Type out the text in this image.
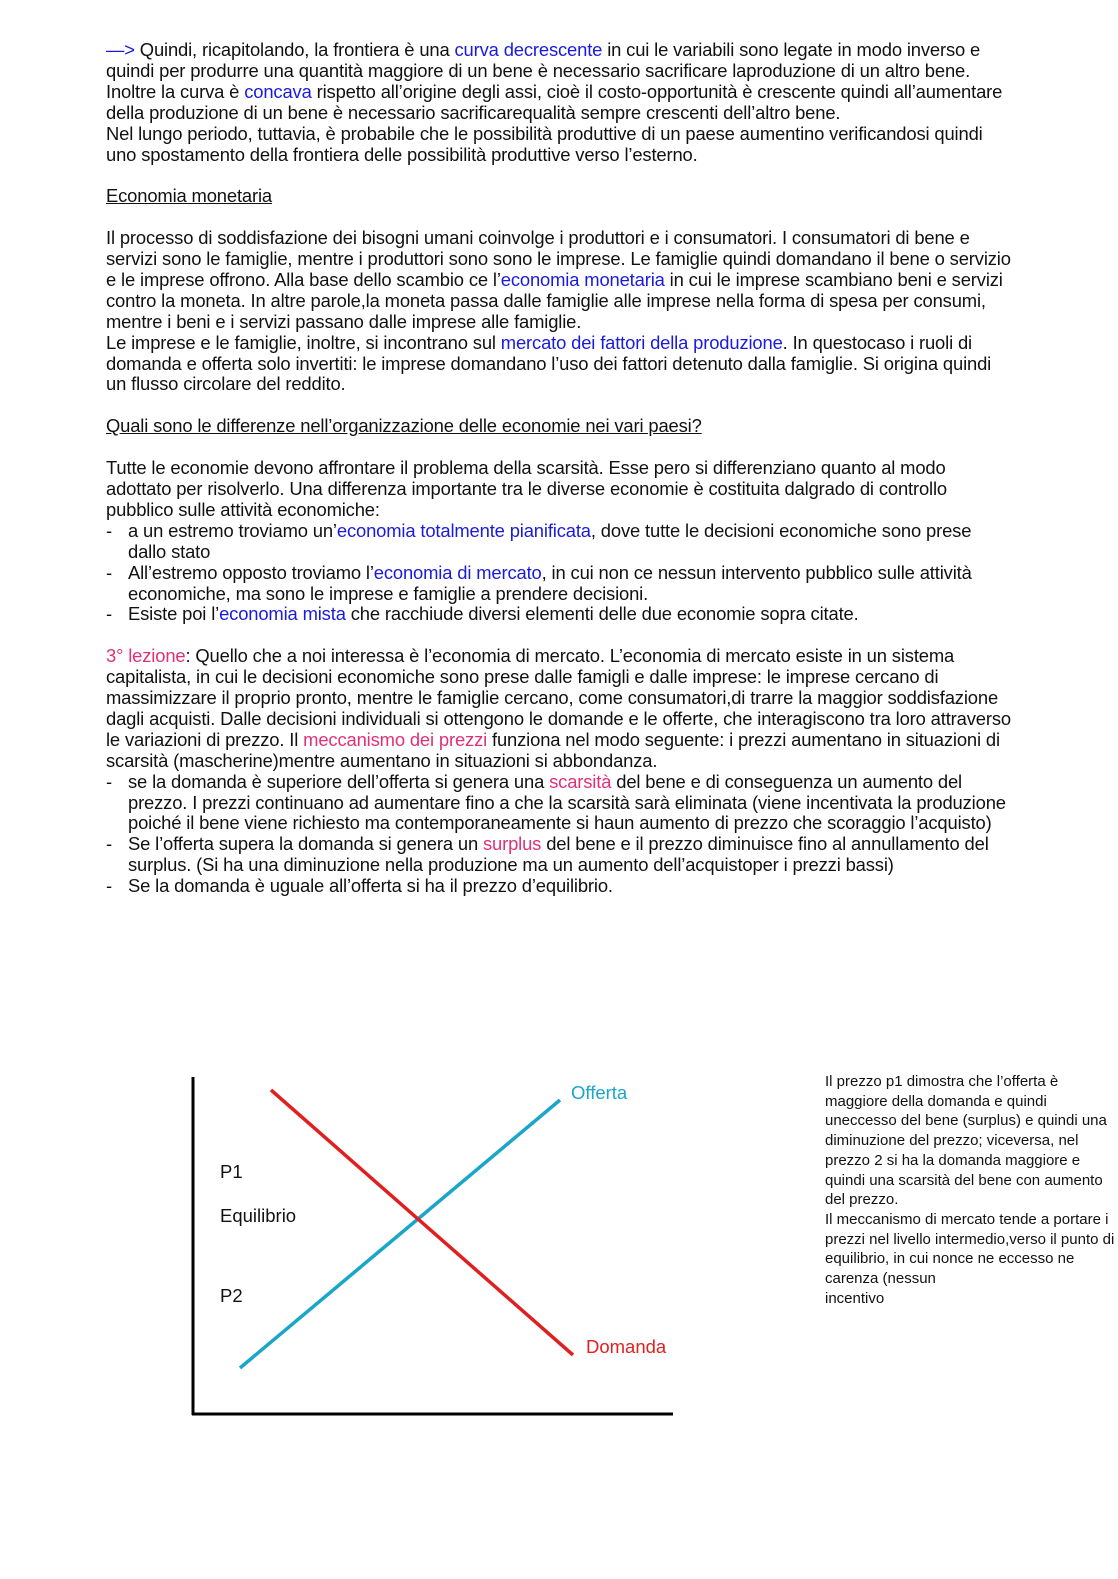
—> Quindi, ricapitolando, la frontiera è una curva decrescente in cui le variabili sono legate in modo inverso e quindi per produrre una quantità maggiore di un bene è necessario sacrificare laproduzione di un altro bene. Inoltre la curva è concava rispetto all’origine degli assi, cioè il costo-opportunità è crescente quindi all’aumentare della produzione di un bene è necessario sacrificarequalità sempre crescenti dell’altro bene.
Nel lungo periodo, tuttavia, è probabile che le possibilità produttive di un paese aumentino verificandosi quindi uno spostamento della frontiera delle possibilità produttive verso l’esterno.
Economia monetaria
Il processo di soddisfazione dei bisogni umani coinvolge i produttori e i consumatori. I consumatori di bene e servizi sono le famiglie, mentre i produttori sono sono le imprese. Le famiglie quindi domandano il bene o servizio e le imprese offrono. Alla base dello scambio ce l’economia monetaria in cui le imprese scambiano beni e servizi contro la moneta. In altre parole,la moneta passa dalle famiglie alle imprese nella forma di spesa per consumi, mentre i beni e i servizi passano dalle imprese alle famiglie.
Le imprese e le famiglie, inoltre, si incontrano sul mercato dei fattori della produzione. In questocaso i ruoli di domanda e offerta solo invertiti: le imprese domandano l’uso dei fattori detenuto dalla famiglie. Si origina quindi un flusso circolare del reddito.
Quali sono le differenze nell’organizzazione delle economie nei vari paesi?
Tutte le economie devono affrontare il problema della scarsità. Esse pero si differenziano quanto al modo adottato per risolverlo. Una differenza importante tra le diverse economie è costituita dalgrado di controllo pubblico sulle attività economiche:
- a un estremo troviamo un’economia totalmente pianificata, dove tutte le decisioni economiche sono prese dallo stato
- All’estremo opposto troviamo l’economia di mercato, in cui non ce nessun intervento pubblico sulle attività economiche, ma sono le imprese e famiglie a prendere decisioni.
- Esiste poi l’economia mista che racchiude diversi elementi delle due economie sopra citate.
3° lezione: Quello che a noi interessa è l’economia di mercato. L’economia di mercato esiste in un sistema capitalista, in cui le decisioni economiche sono prese dalle famigli e dalle imprese: le imprese cercano di massimizzare il proprio pronto, mentre le famiglie cercano, come consumatori,di trarre la maggior soddisfazione dagli acquisti. Dalle decisioni individuali si ottengono le domande e le offerte, che interagiscono tra loro attraverso le variazioni di prezzo. Il meccanismo dei prezzi funziona nel modo seguente: i prezzi aumentano in situazioni di scarsità (mascherine)mentre aumentano in situazioni si abbondanza.
- se la domanda è superiore dell’offerta si genera una scarsità del bene e di conseguenza un aumento del prezzo. I prezzi continuano ad aumentare fino a che la scarsità sarà eliminata (viene incentivata la produzione poiché il bene viene richiesto ma contemporaneamente si haun aumento di prezzo che scoraggio l’acquisto)
- Se l’offerta supera la domanda si genera un surplus del bene e il prezzo diminuisce fino al annullamento del surplus. (Si ha una diminuzione nella produzione ma un aumento dell’acquistoper i prezzi bassi)
- Se la domanda è uguale all’offerta si ha il prezzo d’equilibrio.
Offerta
Domanda
P1
Equilibrio
P2
Il prezzo p1 dimostra che l’offerta è maggiore della domanda e quindi uneccesso del bene (surplus) e quindi una diminuzione del prezzo; viceversa, nel prezzo 2 si ha la domanda maggiore e quindi una scarsità del bene con aumento del prezzo.
Il meccanismo di mercato tende a portare i prezzi nel livello intermedio,verso il punto di equilibrio, in cui nonce ne eccesso ne carenza (nessun
incentivo
